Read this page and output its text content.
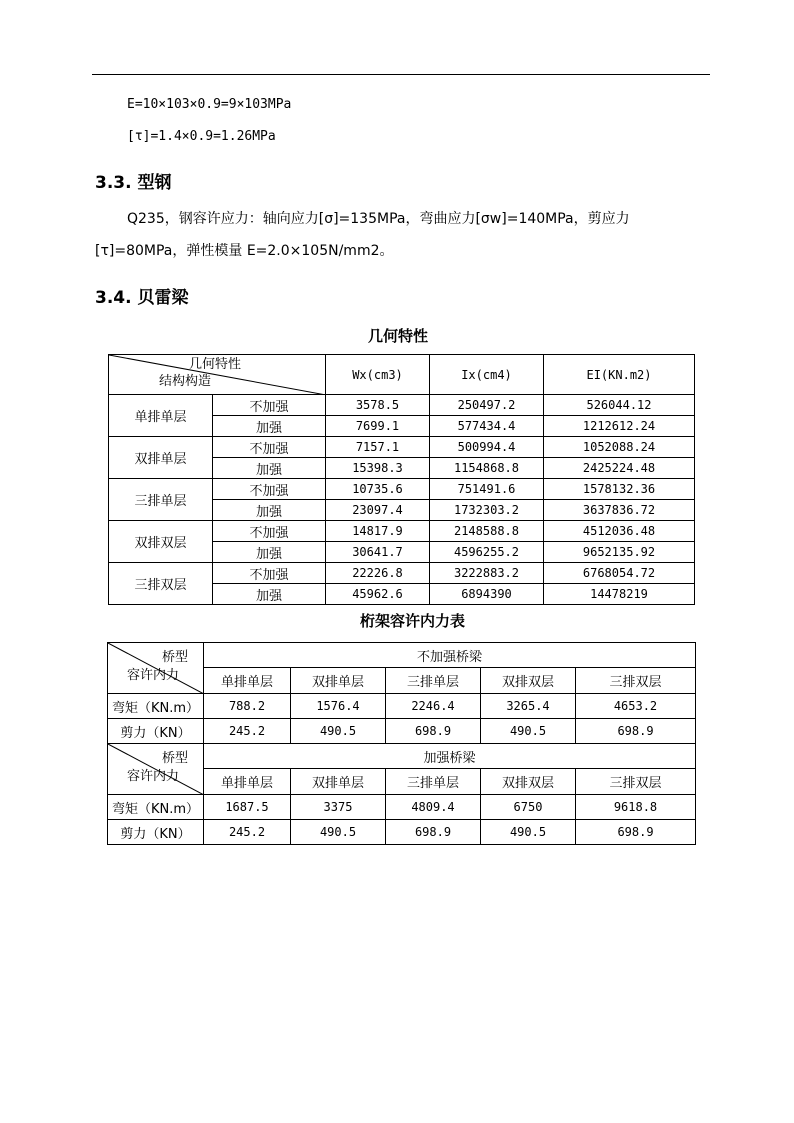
E=10×103×0.9=9×103MPa
[τ]=1.4×0.9=1.26MPa
3.3. 型钢
Q235，钢容许应力：轴向应力[σ]=135MPa，弯曲应力[σw]=140MPa，剪应力
[τ]=80MPa，弹性模量 E=2.0×105N/mm2。
3.4. 贝雷梁
几何特性
几何特性
结构构造		Wx(cm3)	Ix(cm4)	EI(KN.m2)
单排单层	不加强	3578.5	250497.2	526044.12
	加强	7699.1	577434.4	1212612.24
双排单层	不加强	7157.1	500994.4	1052088.24
	加强	15398.3	1154868.8	2425224.48
三排单层	不加强	10735.6	751491.6	1578132.36
	加强	23097.4	1732303.2	3637836.72
双排双层	不加强	14817.9	2148588.8	4512036.48
	加强	30641.7	4596255.2	9652135.92
三排双层	不加强	22226.8	3222883.2	6768054.72
	加强	45962.6	6894390	14478219
桁架容许内力表
桥型
容许内力	不加强桥梁				
	单排单层	双排单层	三排单层	双排双层	三排双层
弯矩（KN.m）	788.2	1576.4	2246.4	3265.4	4653.2
剪力（KN）	245.2	490.5	698.9	490.5	698.9

桥型
容许内力	加强桥梁				
	单排单层	双排单层	三排单层	双排双层	三排双层
弯矩（KN.m）	1687.5	3375	4809.4	6750	9618.8
剪力（KN）	245.2	490.5	698.9	490.5	698.9
